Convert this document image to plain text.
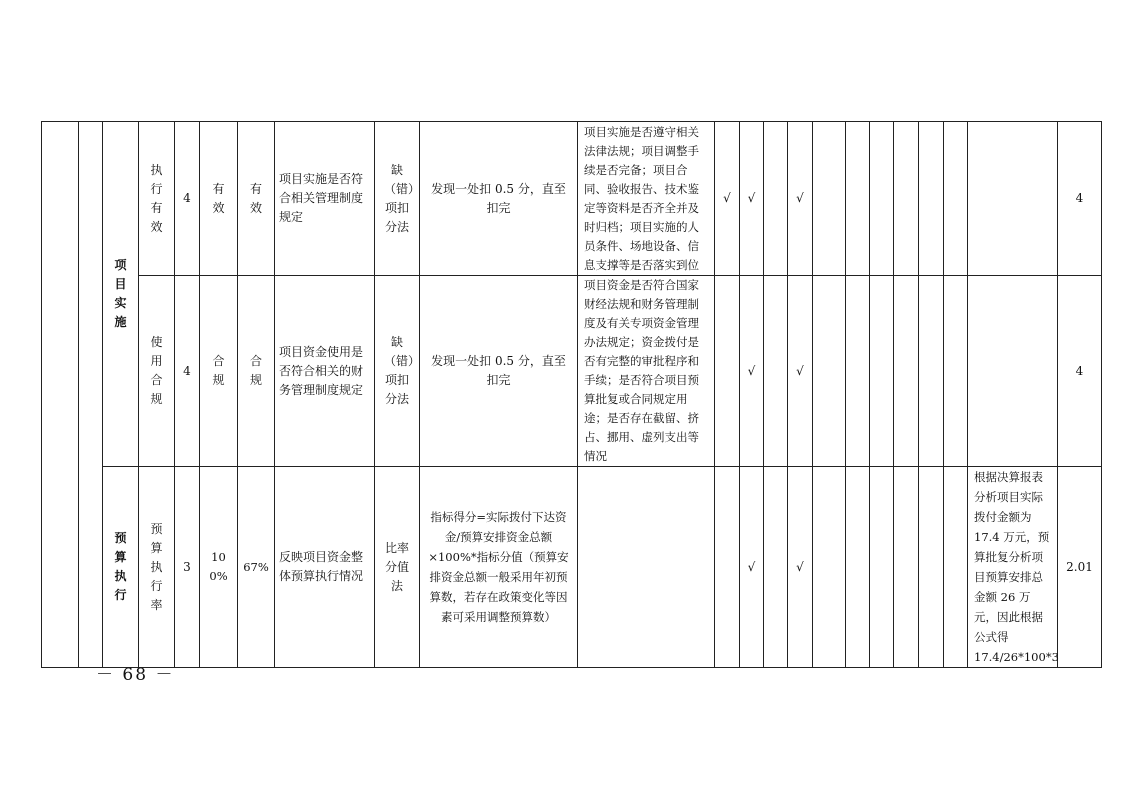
		项目实施	执行有效	4	有效	有效	项目实施是否符合相关管理制度规定	缺（错）项扣分法	发现一处扣 0.5 分，直至扣完	项目实施是否遵守相关法律法规；项目调整手续是否完备；项目合同、验收报告、技术鉴定等资料是否齐全并及时归档；项目实施的人员条件、场地设备、信息支撑等是否落实到位	√	√		√								4

			使用合规	4	合规	合规	项目资金使用是否符合相关的财务管理制度规定	缺（错）项扣分法	发现一处扣 0.5 分，直至扣完	项目资金是否符合国家财经法规和财务管理制度及有关专项资金管理办法规定；资金拨付是否有完整的审批程序和手续；是否符合项目预算批复或合同规定用途；是否存在截留、挤占、挪用、虚列支出等情况		√		√								4

		预算执行	预算执行率	3	100%	67%	反映项目资金整体预算执行情况	比率分值法	指标得分=实际拨付下达资金/预算安排资金总额×100%*指标分值（预算安排资金总额一般采用年初预算数，若存在政策变化等因素可采用调整预算数）			√		√							根据决算报表分析项目实际拨付金额为 17.4 万元，预算批复分析项目预算安排总金额 26 万元，因此根据公式得 17.4/26*100*3	2.01
－ 68 －
